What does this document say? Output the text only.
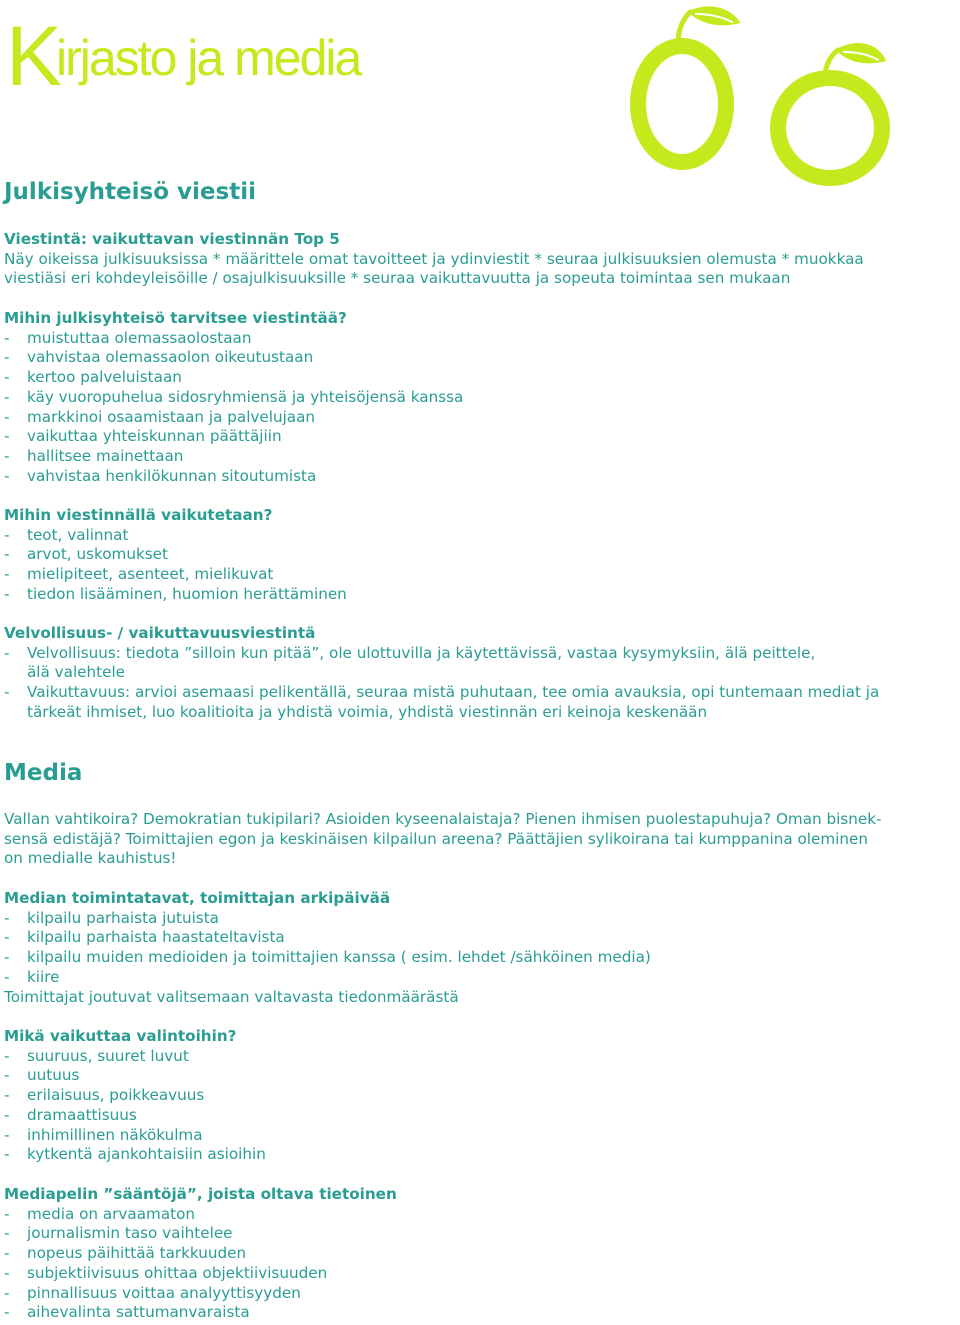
Kirjasto ja media
Julkisyhteisö viestii
Viestintä: vaikuttavan viestinnän Top 5
Näy oikeissa julkisuuksissa * määrittele omat tavoitteet ja ydinviestit * seuraa julkisuuksien olemusta * muokkaa
viestiäsi eri kohdeyleisöille / osajulkisuuksille * seuraa vaikuttavuutta ja sopeuta toimintaa sen mukaan
Mihin julkisyhteisö tarvitsee viestintää?
- muistuttaa olemassaolostaan
- vahvistaa olemassaolon oikeutustaan
- kertoo palveluistaan
- käy vuoropuhelua sidosryhmiensä ja yhteisöjensä kanssa
- markkinoi osaamistaan ja palvelujaan
- vaikuttaa yhteiskunnan päättäjiin
- hallitsee mainettaan
- vahvistaa henkilökunnan sitoutumista
Mihin viestinnällä vaikutetaan?
- teot, valinnat
- arvot, uskomukset
- mielipiteet, asenteet, mielikuvat
- tiedon lisääminen, huomion herättäminen
Velvollisuus- / vaikuttavuusviestintä
- Velvollisuus: tiedota ”silloin kun pitää”, ole ulottuvilla ja käytettävissä, vastaa kysymyksiin, älä peittele,
älä valehtele
- Vaikuttavuus: arvioi asemaasi pelikentällä, seuraa mistä puhutaan, tee omia avauksia, opi tuntemaan mediat ja
tärkeät ihmiset, luo koalitioita ja yhdistä voimia, yhdistä viestinnän eri keinoja keskenään
Media
Vallan vahtikoira? Demokratian tukipilari? Asioiden kyseenalaistaja? Pienen ihmisen puolestapuhuja? Oman bisnek-
sensä edistäjä? Toimittajien egon ja keskinäisen kilpailun areena? Päättäjien sylikoirana tai kumppanina oleminen
on medialle kauhistus!
Median toimintatavat, toimittajan arkipäivää
- kilpailu parhaista jutuista
- kilpailu parhaista haastateltavista
- kilpailu muiden medioiden ja toimittajien kanssa ( esim. lehdet /sähköinen media)
- kiire
Toimittajat joutuvat valitsemaan valtavasta tiedonmäärästä
Mikä vaikuttaa valintoihin?
- suuruus, suuret luvut
- uutuus
- erilaisuus, poikkeavuus
- dramaattisuus
- inhimillinen näkökulma
- kytkentä ajankohtaisiin asioihin
Mediapelin ”sääntöjä”, joista oltava tietoinen
- media on arvaamaton
- journalismin taso vaihtelee
- nopeus päihittää tarkkuuden
- subjektiivisuus ohittaa objektiivisuuden
- pinnallisuus voittaa analyyttisyyden
- aihevalinta sattumanvaraista
